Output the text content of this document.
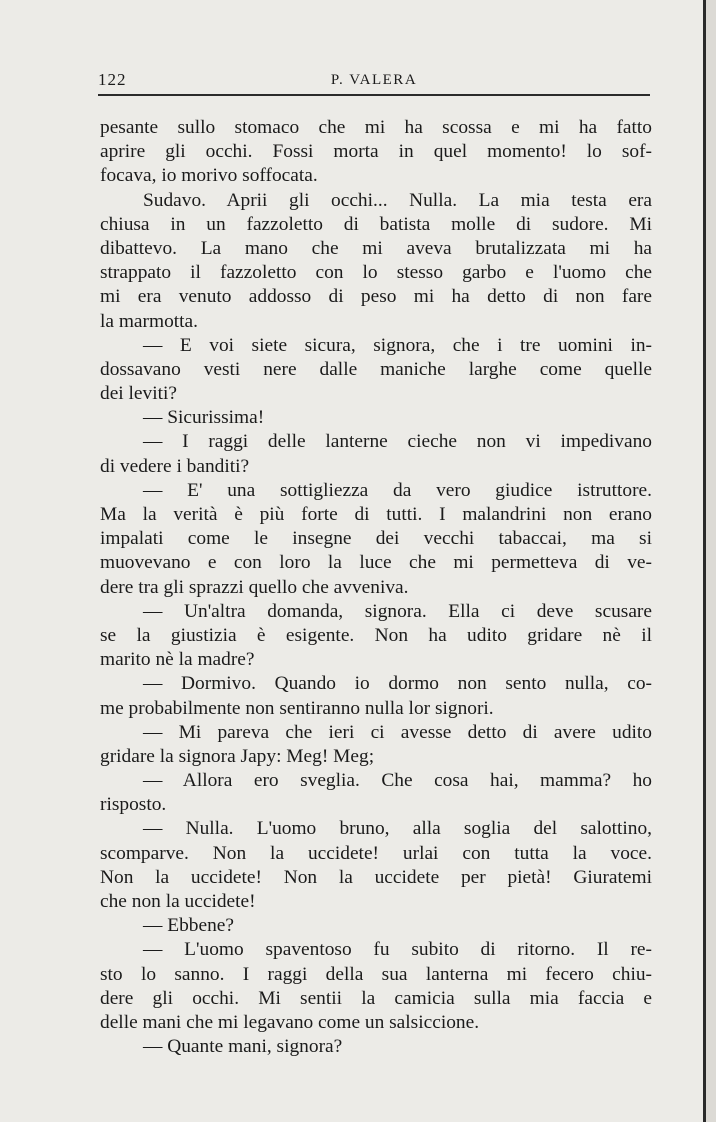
122	P. VALERA
pesante sullo stomaco che mi ha scossa e mi ha fatto
aprire gli occhi. Fossi morta in quel momento! lo sof-
focava, io morivo soffocata.
Sudavo. Aprii gli occhi... Nulla. La mia testa era
chiusa in un fazzoletto di batista molle di sudore. Mi
dibattevo. La mano che mi aveva brutalizzata mi ha
strappato il fazzoletto con lo stesso garbo e l'uomo che
mi era venuto addosso di peso mi ha detto di non fare
la marmotta.
— E voi siete sicura, signora, che i tre uomini in-
dossavano vesti nere dalle maniche larghe come quelle
dei leviti?
— Sicurissima!
— I raggi delle lanterne cieche non vi impedivano
di vedere i banditi?
— E' una sottigliezza da vero giudice istruttore.
Ma la verità è più forte di tutti. I malandrini non erano
impalati come le insegne dei vecchi tabaccai, ma si
muovevano e con loro la luce che mi permetteva di ve-
dere tra gli sprazzi quello che avveniva.
— Un'altra domanda, signora. Ella ci deve scusare
se la giustizia è esigente. Non ha udito gridare nè il
marito nè la madre?
— Dormivo. Quando io dormo non sento nulla, co-
me probabilmente non sentiranno nulla lor signori.
— Mi pareva che ieri ci avesse detto di avere udito
gridare la signora Japy: Meg! Meg;
— Allora ero sveglia. Che cosa hai, mamma? ho
risposto.
— Nulla. L'uomo bruno, alla soglia del salottino,
scomparve. Non la uccidete! urlai con tutta la voce.
Non la uccidete! Non la uccidete per pietà! Giuratemi
che non la uccidete!
— Ebbene?
— L'uomo spaventoso fu subito di ritorno. Il re-
sto lo sanno. I raggi della sua lanterna mi fecero chiu-
dere gli occhi. Mi sentii la camicia sulla mia faccia e
delle mani che mi legavano come un salsiccione.
— Quante mani, signora?
